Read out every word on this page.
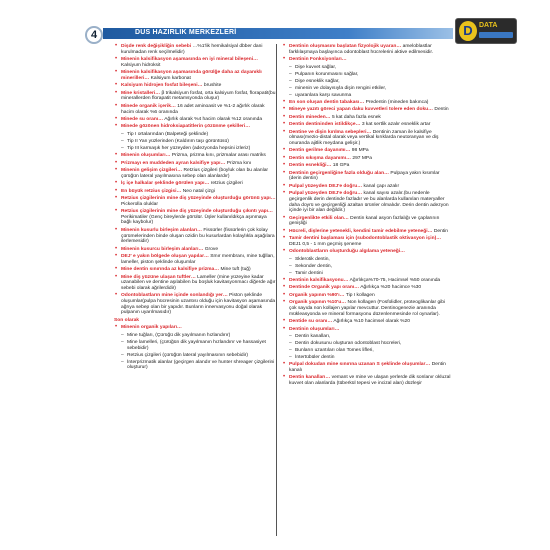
4	DUS HAZIRLIK MERKEZLERİ	D DATA
• Dişde renk değişikliğin sebebi …%1'lik hemikalsiyal dbber dani kurulmadan renk seçilmelidir)
• Minenin kalsifikasyon aşamasında en iyi mineral bileşeni… Kalsiyum hidroksit
• Minenin kalsifikasyon aşamasında görülğe daha az dayanıklı minerilleri… Kalsiyum karbonat
• Kalsiyum hidrojen fosfat bileşeni… brushite
• Mine kristalleri… β trikalsiyum fosfat, orta kalsiyum fosfat, florapatit(bu minerallerden florapatit metamsyonda oluşur)
• Minede organik içerik… 16 adet aminoasit ve %1-2 ağırlık olarak hacim olarak %6 oranında
• Minede su oranı… Ağırlık olarak %4 hacim olarak %12 oranında
• Minede gözönen hidroksiapatitlerin çözünme şekilleri…
– Tip I ortalarından (Balpeteği şeklinde)
– Tip II Yan yüzlerinden (Kaldırım taşı görüntüsü)
– Tip III karmaşık her yüzeyden (adezyonda hepsini izleriz)
• Minenin oluşumları… Prizma, prizma kını, prizmalar arası matriks
• Prizmayı en muddeden ayran kalsifiye yapı… Prizma kını
• Minenin gelişim çizgileri… Retzius çizgileri (boyluk olan bu alanlar çürüğün lateral yayılmasına sebep olan alanlardır)
• İç içe halkalar şeklinde görülen yapı… retzius çizgileri
• En büyük retzius çizgisi… Neo natal çizgi
• Retzius çizgilerinin mine diş yüzeyinde oluşturduğu görünü yapı… Pickerolla oluklar
• Retzius çizgilerinin mine diş yüzeyinde oluşturduğu çıkıntı yapı… Perikimatiler (Genç bireylerde görülür. Üşler kullanıldıkça aşınmaya bağlı kaybolur)
• Minenin kusurlu birleşim alanları… Fissürler (fissürlerin çok kolay çürümelerinden binde oluşan ozidin bu kusurlardan kolaylıkla aşağılara ilerlemesidir)
• Minenin kusurcu birleşim alanları… Grove
• DEJ' e yakın bölgede oluşan yapılar… Smır membranı, mine tuğlları, lameller, piston şeklinde oluşumlar
• Mine dentin sınırında az kalsifiye prizma… Mine tuft (tuğ)
• Mine diş yüzüne ulaşan tuftler… Lameller (mine yüzeyine kadar uzanabilen ve dentine aşılabilen bu boşluk kavitasyonmacı diğerde ağır sebebi olarak ağrilerdidir)
• Odontoblastların mine içinde sonlandığı yer… Piston şeklinde oluşumlar(pulpa hücresinin uzantısı olduğu için kavitasyon aşamasında ağrıya sebep olan bir yapıdır. Bunların innervasyonu doğal olarak pulpanın uyarılmasıdır)
Son olarak
• Minenin organik yapıları…
– Mine tuğları, (Çürüğü dik yayılmanın hızlandırır)
– Mine lamelleri, (çürüğün dik yayılmanın hızlandırır ve hassasiyet sebebidir)
– Retzius çizgileri (çürüğün lateral yayılmasının sebebidir)
– İnterprizmatik alanlar (geçirgen alandır ve hunter shreager çizgilerini oluşturur)
• Dentinin oluşmasını başlatan fizyolojik uyaran… ameloblastlar farklılaşmaya başlayınca odontoblast hücrelerini aktive edilmesidir.
• Dentinin Fonksiyonları…
– Dişe kuvvet sağlar,
– Pulpanın korunmasını sağlar,
– Dişe esneklik sağlar,
– minenin ve dolayısıyla dişin rengini etkiler,
– uyaranlara karşı savunma
• En son oluşan dentin tabakası… Predentin (mineden bakınca)
• Mineye yazıtı göreci yapan daku kuvvetleri tolere eden doku… Dentin
• Dentin mineden… 5 kat daha fazla esnek
• Dentin dentininden istildikçe… 3 kat sertlik azalır esneklik artar
• Dentine ve dişin kırılma sebepleri… Dentinin zaman ile kalsifiye olması(mezio-distal olarak veya vertikal kırıklarda neutoranyan ve diş onuranda ajitlik meydana gelişir.)
• Dentin gerilme dayanımı… 98 MPa
• Dentin sıkışma dayanımı… 297 MPa
• Dentin esnekliği… 18 GPa
• Dentinin geçirgenliğine fazla olduğu alan… Pulpaya yakın kısımlar (derin dentin)
• Pulpal yüzeyden DEJ'e doğru… kanal çapı azalır
• Pulpal yüzeyden DEJ'e doğru… kanal sayısı azalır.(bu nedenle geçirgenlik derin dentinde fazladır ve bu alanlarda kullanılan materyaller daha doyrü ve geçirgenliği azaltan ürünler olmalıdır. Derin dentin adezyon içinde iyi bir alan değildir.)
• Geçirgenlikte etkili olan… Dentin kanal asyon fazlalığı ve çaplarının genişliği
• Hücreli, dişlerine yetenekli, kendini tamir edebilme yeteneği… Dentin
• Tamir dentini başlaması için (subodontoblastik oktivasyon için)… DEJ1 0,5 - 1 mm geçmiş şeneme
• Odontoblastların oluşturduğu algılama yeteneği…
– Sklerotik dentin,
– Sekonder dentin,
– Tamir dentini
• Dentinin kalsifikasyonu… Ağırlıkça%70-75, Hacimsel %50 oranında
• Dentinde Organik yapı oranı… Ağırlıkça %20 hacimce %30
• Organik yapının %90'ı… Tip I kollagen
• Organik yapının %10'u… Non kollagen (Fosfolidler, proteoglikanlar gibi çok sayıda non kollajen yapılar mevcuttur. Dentinogenezie aranında mükleasyonda ve mineral formasyonu düzenlenmesinde rol oynarlar).
• Dentide su oranı… Ağırlıkça %10 hacimsel olarak %20
• Dentinin oluşumları…
– Dentin kanalları,
– Dentin dokusunu oluşturan odontoblast hücreleri,
– Bunların uzantıları olan Tomes lifleri,
– İntertübüler dentin
• Pulpal dokudan mine sınırına uzanan S şeklinde oluşumlar… Dentin kanalı
• Dentin kanalları… vemant ve mine ve ulaşan yerlerde dik sonlanır okluzal kuvvet olan alanlarda (tüberkül tepesi ve incizal alan) düzleşir
